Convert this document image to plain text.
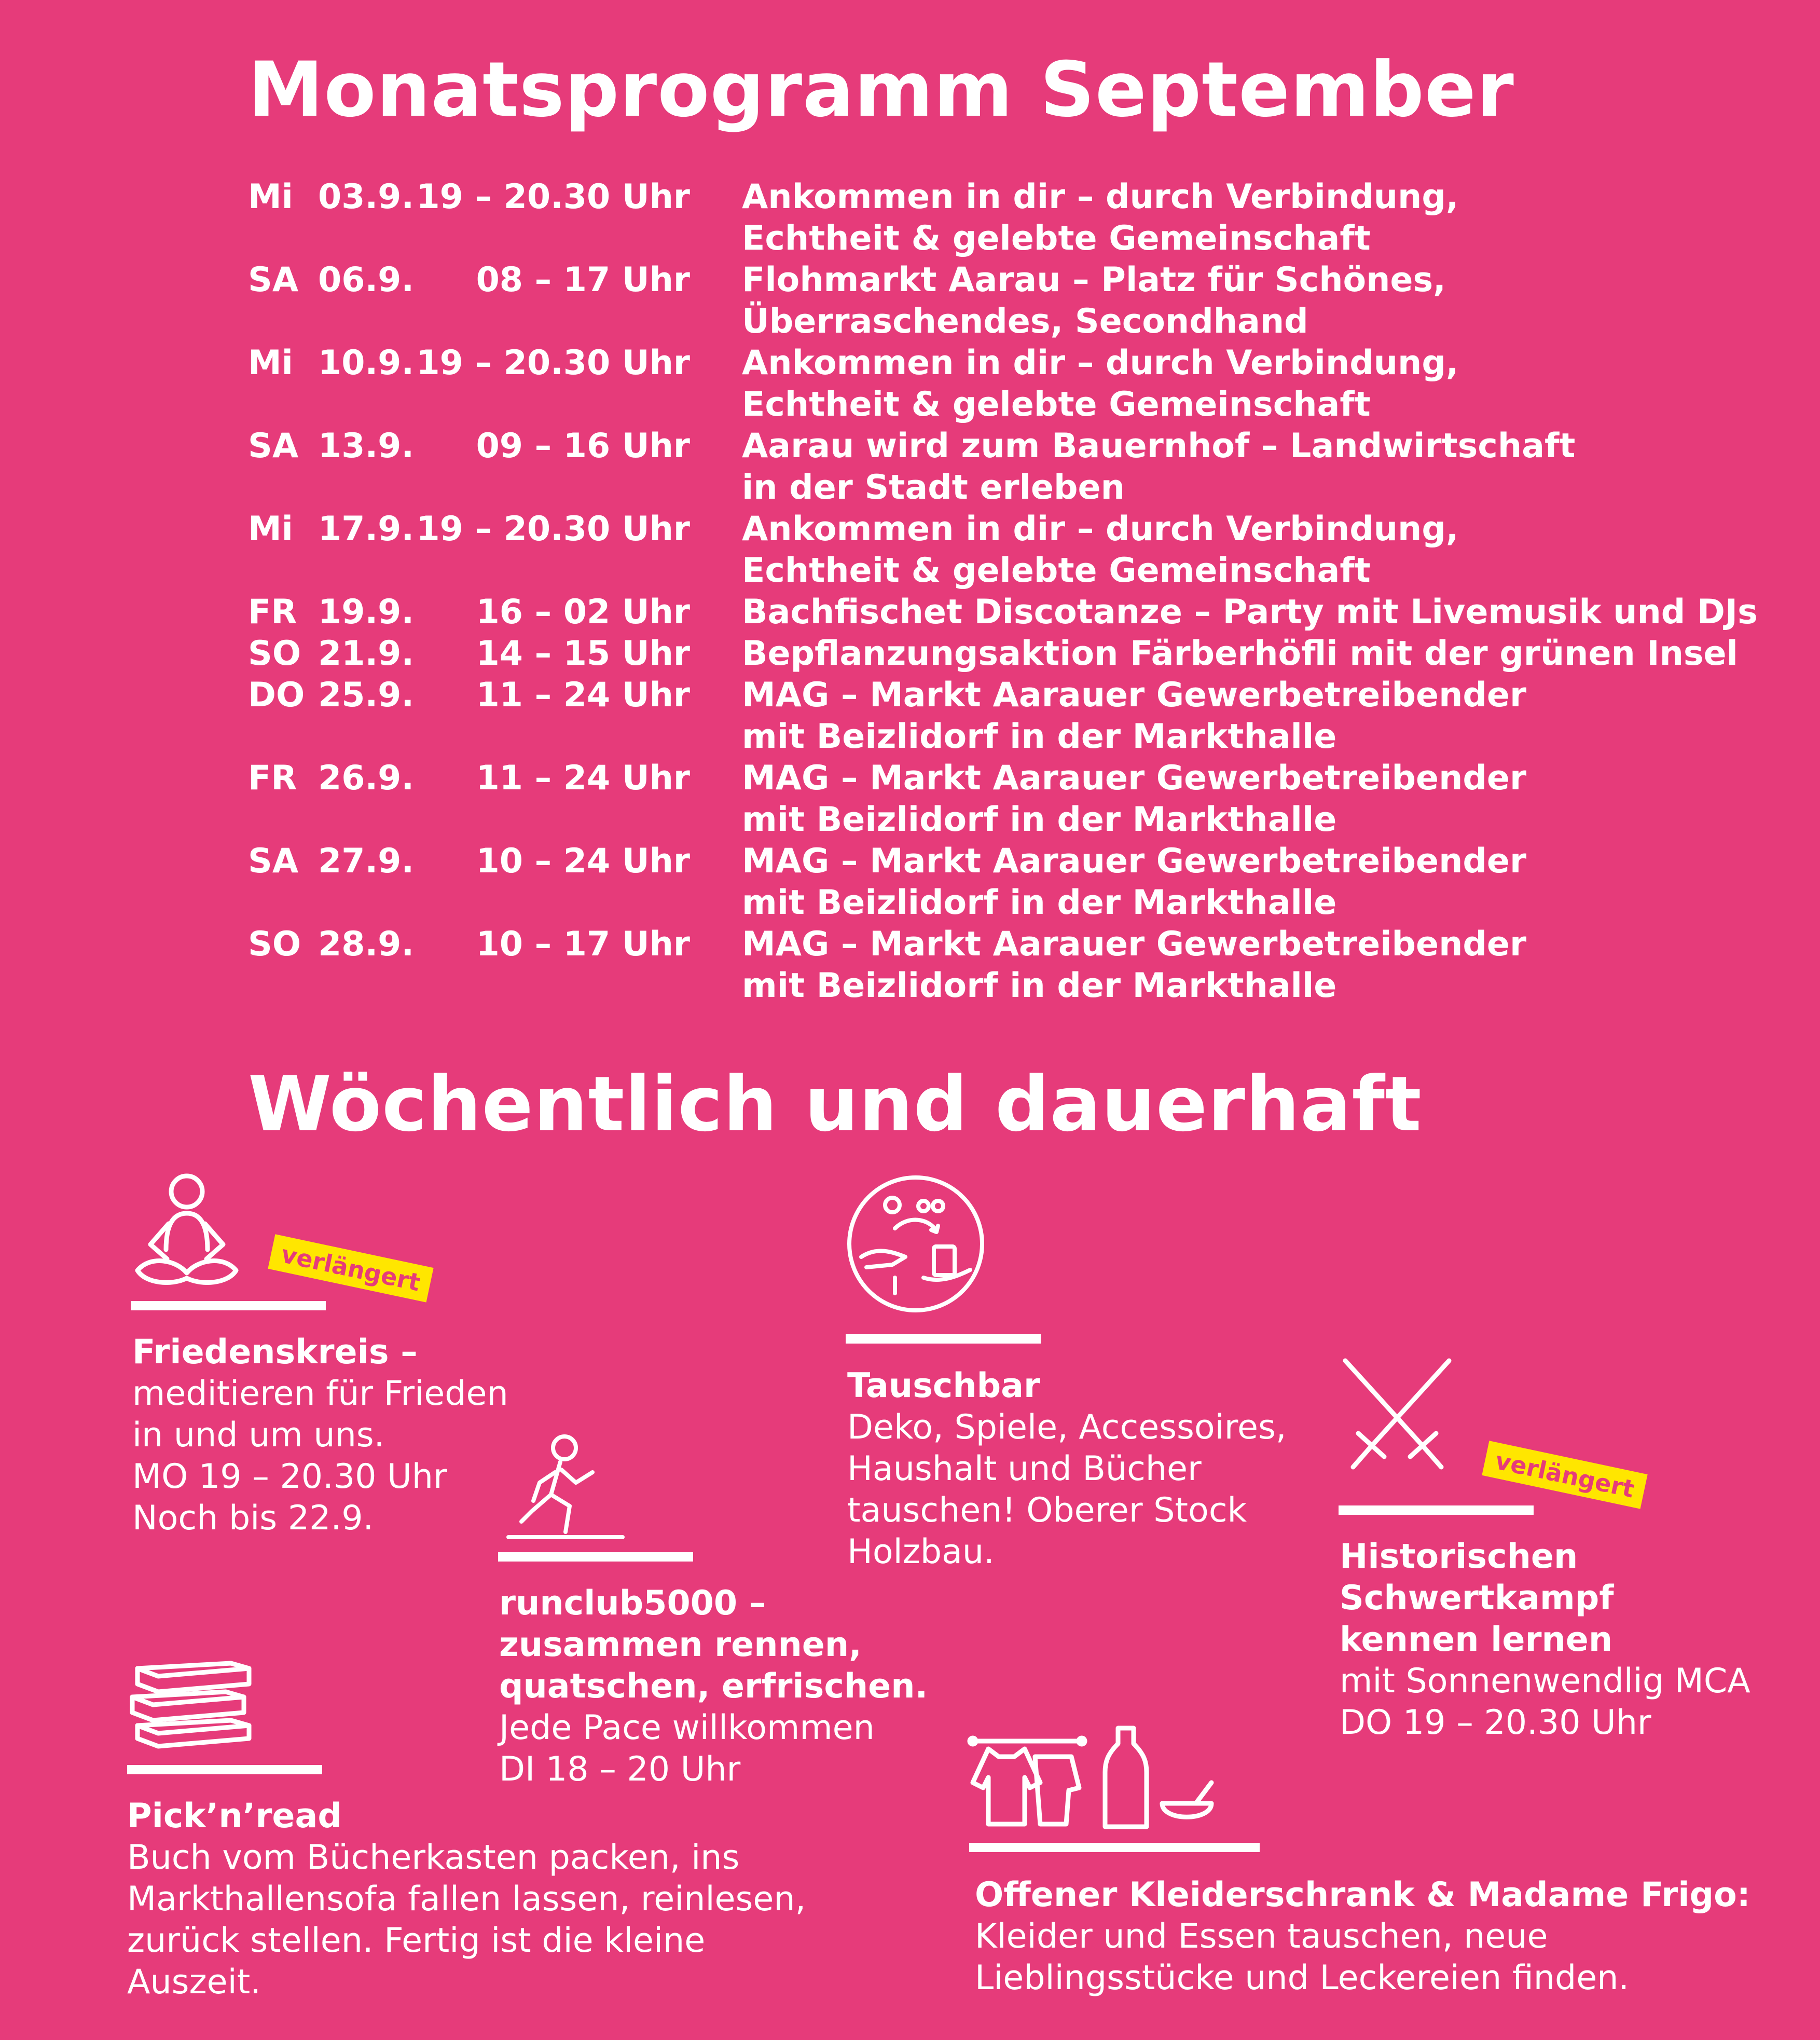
Monatsprogramm September
Mi 03.9. 19 – 20.30 Uhr Ankommen in dir – durch Verbindung,
Echtheit & gelebte Gemeinschaft
SA 06.9.	08 – 17 Uhr Flohmarkt Aarau – Platz für Schönes,
Überraschendes, Secondhand
Mi 10.9. 19 – 20.30 Uhr Ankommen in dir – durch Verbindung,
Echtheit & gelebte Gemeinschaft
SA 13.9.	09 – 16 Uhr Aarau wird zum Bauernhof – Landwirtschaft
in der Stadt erleben
Mi 17.9. 19 – 20.30 Uhr Ankommen in dir – durch Verbindung,
Echtheit & gelebte Gemeinschaft
FR 19.9.	16 – 02 Uhr Bachfischet Discotanze – Party mit Livemusik und DJs
SO 21.9.	14 – 15 Uhr Bepflanzungsaktion Färberhöfli mit der grünen Insel
DO 25.9.	11 – 24 Uhr MAG – Markt Aarauer Gewerbetreibender
mit Beizlidorf in der Markthalle
FR 26.9.	11 – 24 Uhr MAG – Markt Aarauer Gewerbetreibender
mit Beizlidorf in der Markthalle
SA 27.9.	10 – 24 Uhr MAG – Markt Aarauer Gewerbetreibender
mit Beizlidorf in der Markthalle
SO 28.9.	10 – 17 Uhr MAG – Markt Aarauer Gewerbetreibender
mit Beizlidorf in der Markthalle
Wöchentlich und dauerhaft
verlängert
Friedenskreis –
meditieren für Frieden
in und um uns.
MO 19 – 20.30 Uhr
Noch bis 22.9.
runclub5000 –
zusammen rennen,
quatschen, erfrischen.
Jede Pace willkommen
DI 18 – 20 Uhr
Tauschbar
Deko, Spiele, Accessoires,
Haushalt und Bücher
tauschen! Oberer Stock
Holzbau.
verlängert
Historischen
Schwertkampf
kennen lernen
mit Sonnenwendlig MCA
DO 19 – 20.30 Uhr
Pick’n’read
Buch vom Bücherkasten packen, ins
Markthallensofa fallen lassen, reinlesen,
zurück stellen. Fertig ist die kleine
Auszeit.
Offener Kleiderschrank & Madame Frigo:
Kleider und Essen tauschen, neue
Lieblingsstücke und Leckereien finden.
